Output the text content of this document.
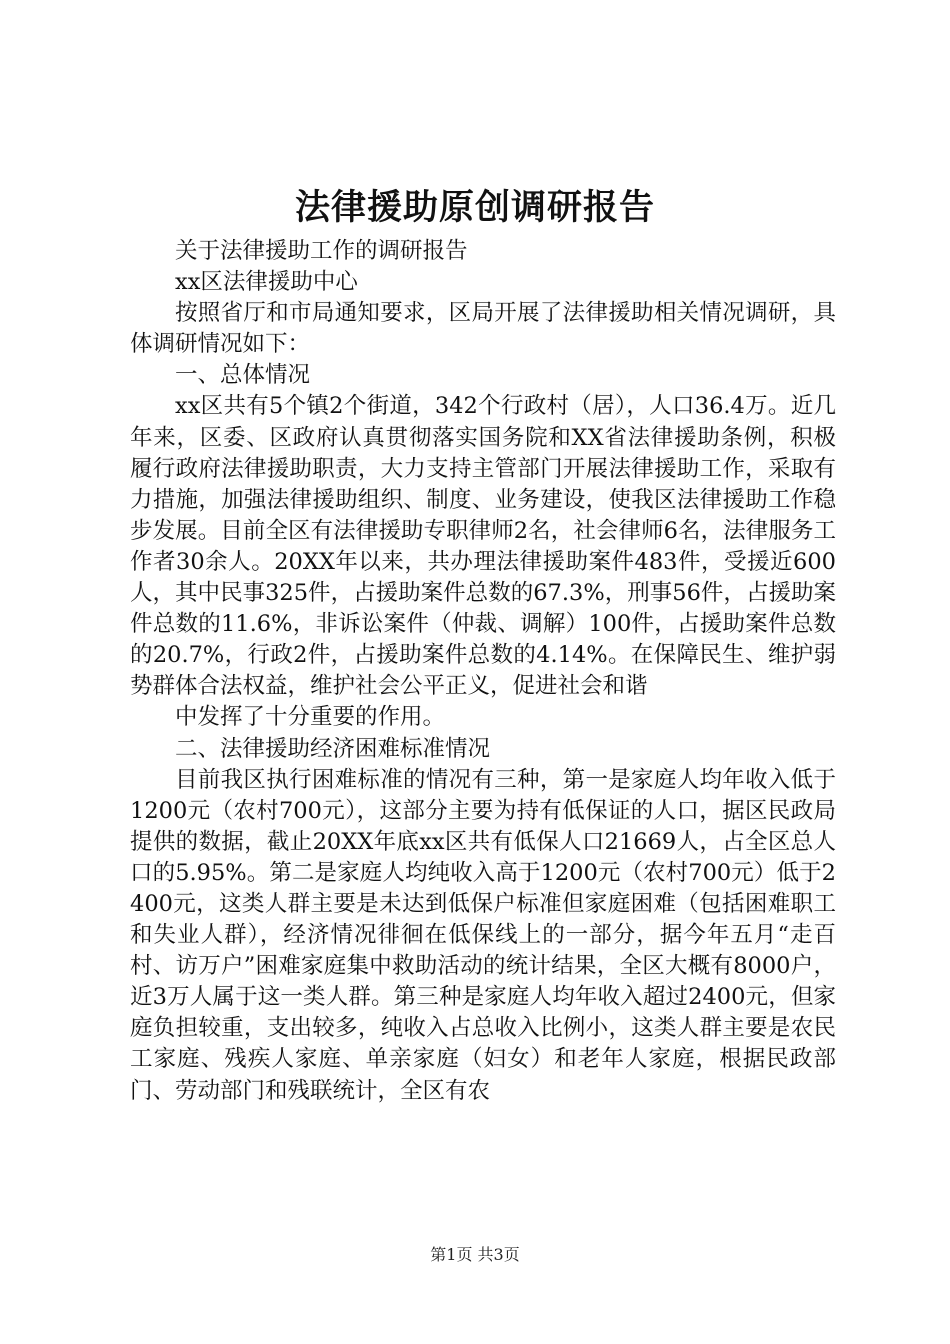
法律援助原创调研报告

关于法律援助工作的调研报告

xx区法律援助中心

按照省厅和市局通知要求，区局开展了法律援助相关情况调研，具体调研情况如下：

一、总体情况

xx区共有5个镇2个街道，342个行政村（居），人口36.4万。近几年来，区委、区政府认真贯彻落实国务院和XX省法律援助条例，积极履行政府法律援助职责，大力支持主管部门开展法律援助工作，采取有力措施，加强法律援助组织、制度、业务建设，使我区法律援助工作稳步发展。目前全区有法律援助专职律师2名，社会律师6名，法律服务工作者30余人。20XX年以来，共办理法律援助案件483件，受援近600人，其中民事325件，占援助案件总数的67.3%，刑事56件，占援助案件总数的11.6%，非诉讼案件（仲裁、调解）100件，占援助案件总数的20.7%，行政2件，占援助案件总数的4.14%。在保障民生、维护弱势群体合法权益，维护社会公平正义，促进社会和谐

中发挥了十分重要的作用。

二、法律援助经济困难标准情况

目前我区执行困难标准的情况有三种，第一是家庭人均年收入低于1200元（农村700元），这部分主要为持有低保证的人口，据区民政局提供的数据，截止20XX年底xx区共有低保人口21669人，占全区总人口的5.95%。第二是家庭人均纯收入高于1200元（农村700元）低于2400元，这类人群主要是未达到低保户标准但家庭困难（包括困难职工和失业人群），经济情况徘徊在低保线上的一部分，据今年五月“走百村、访万户”困难家庭集中救助活动的统计结果，全区大概有8000户，近3万人属于这一类人群。第三种是家庭人均年收入超过2400元，但家庭负担较重，支出较多，纯收入占总收入比例小，这类人群主要是农民工家庭、残疾人家庭、单亲家庭（妇女）和老年人家庭，根据民政部门、劳动部门和残联统计，全区有农

第1页 共3页
